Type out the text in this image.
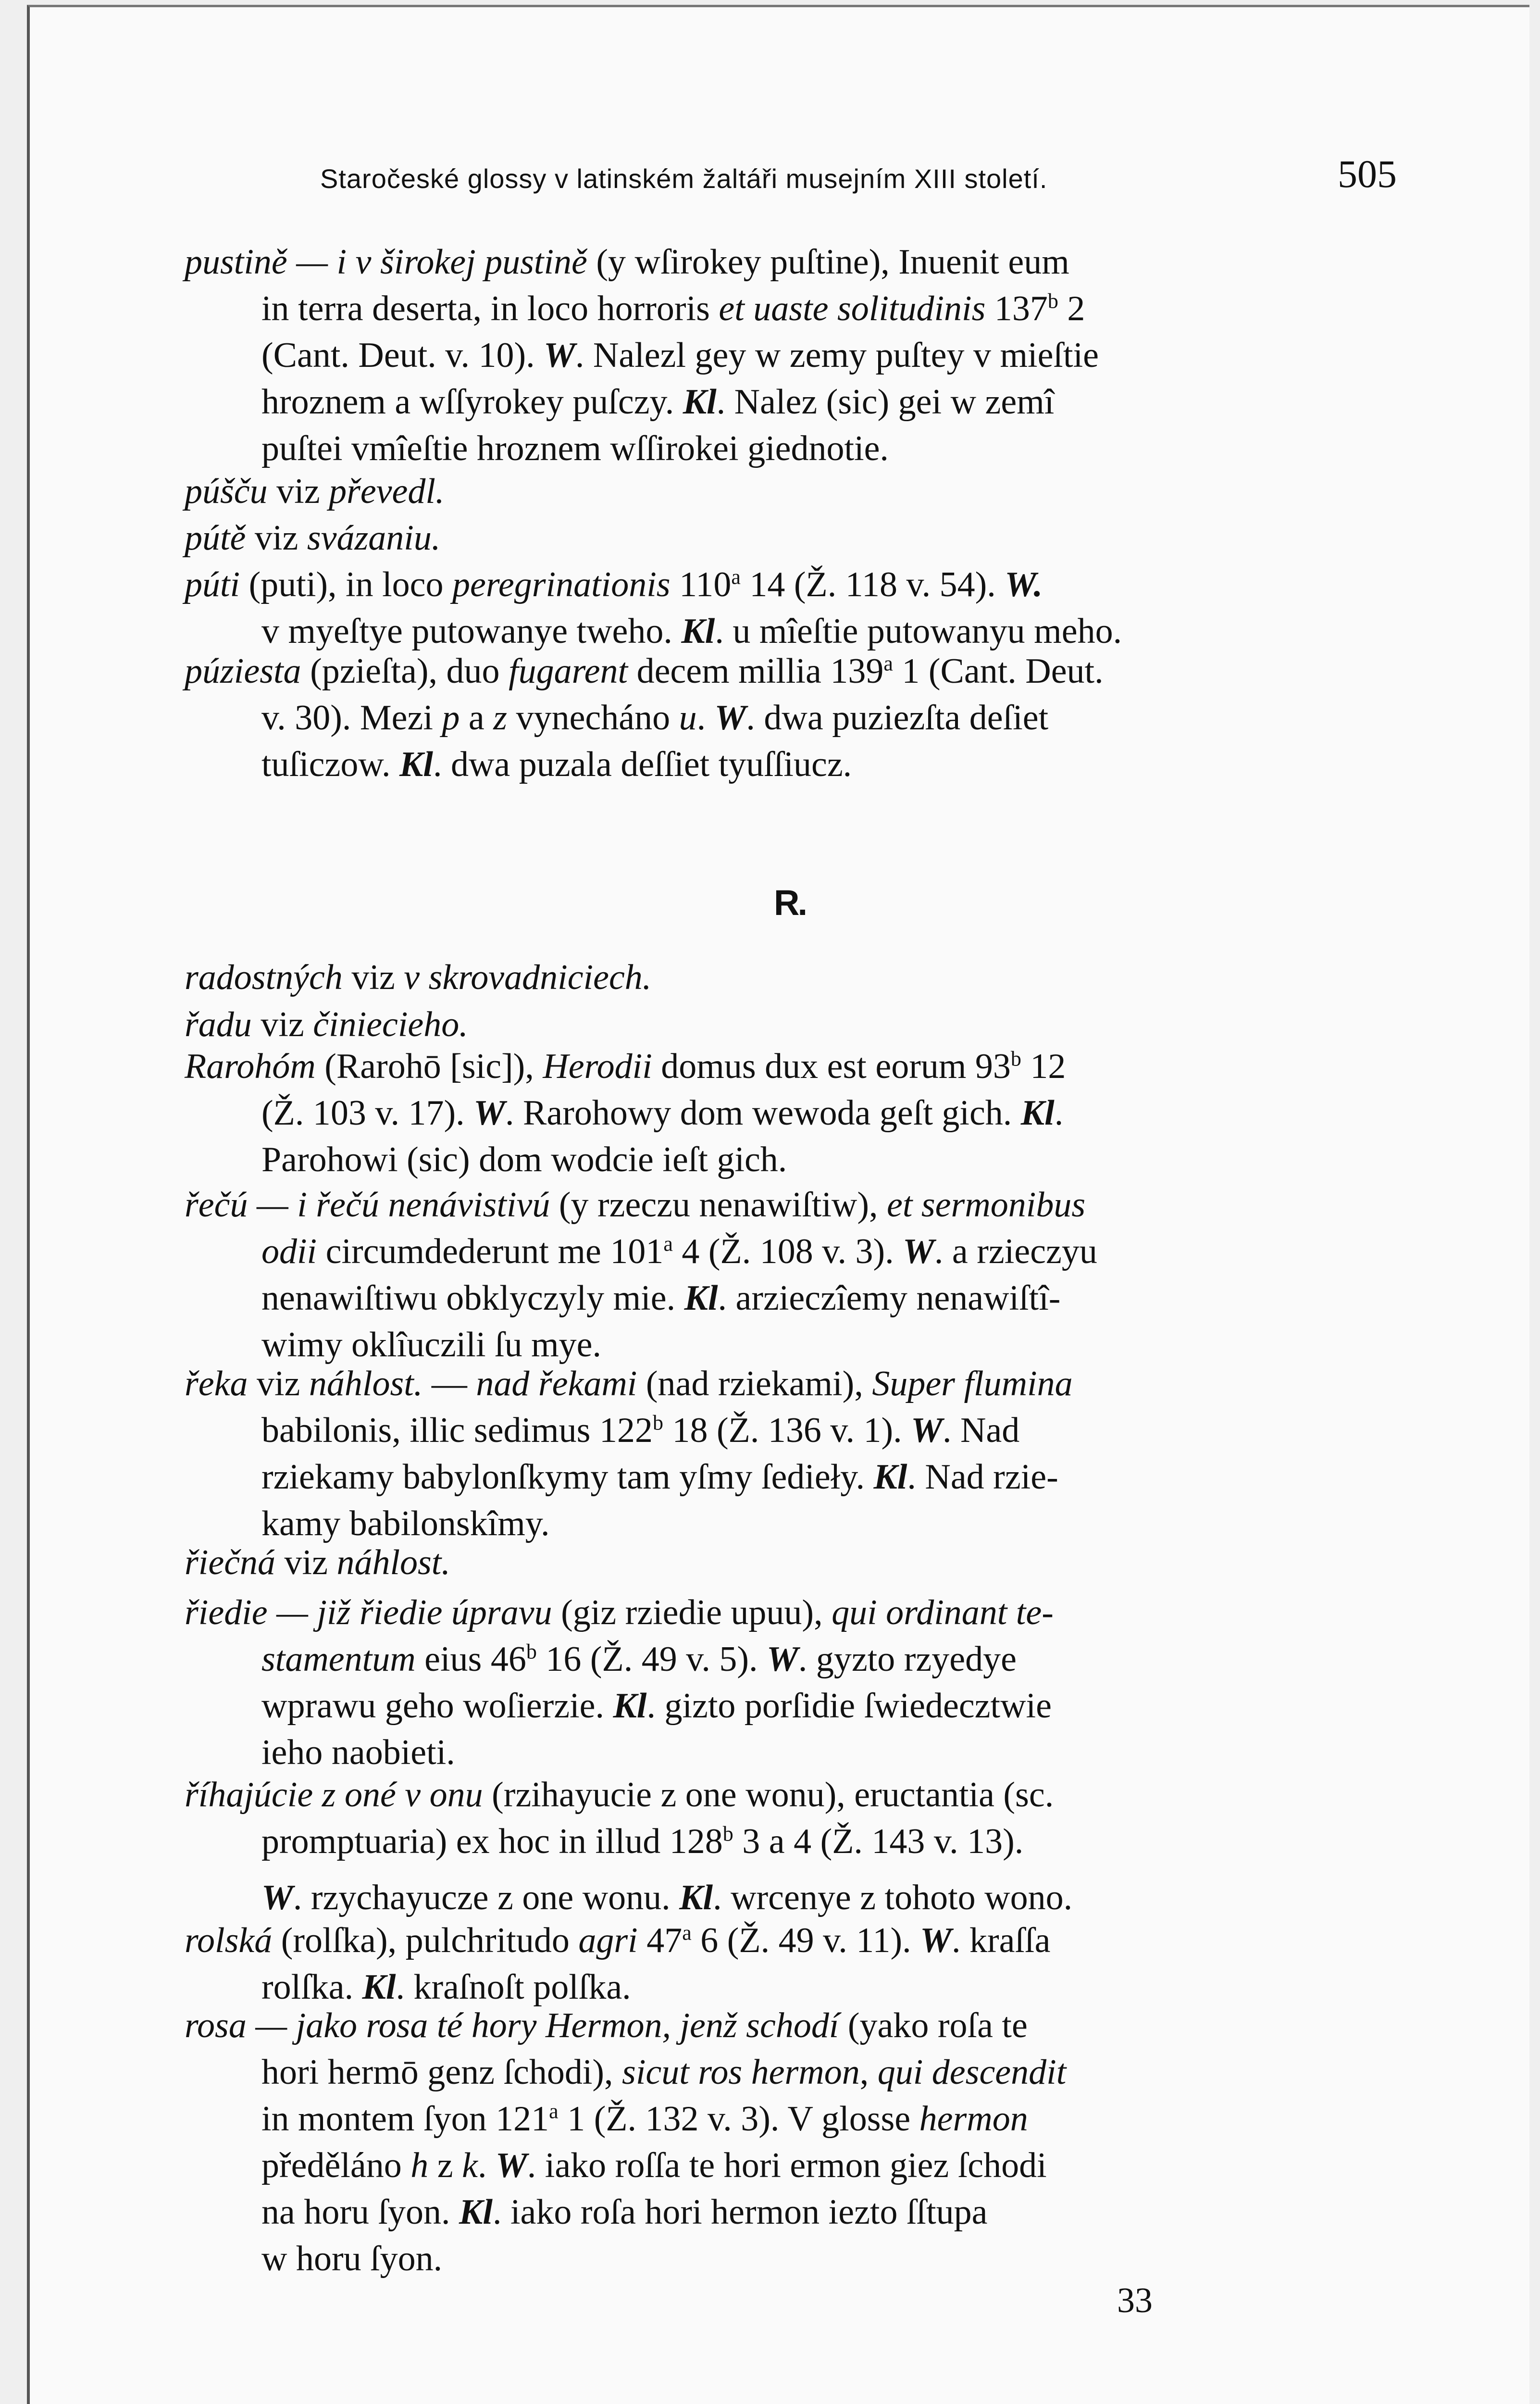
Staročeské glossy v latinském žaltáři musejním XIII století.	505
R.
33
pustině — i v širokej pustině (y wſirokey puſtine), Inuenit eum
in terra deserta, in loco horroris et uaste solitudinis 137$^b$ 2
(Cant. Deut. v. 10). W. Nalezl gey w zemy puſtey v mieſtie
hroznem a wſſyrokey puſczy. Kl. Nalez (sic) gei w zemî
puſtei vmîeſtie hroznem wſſirokei giednotie.
púšču viz převedl.
pútě viz svázaniu.
púti (puti), in loco peregrinationis 110$^a$ 14 (Ž. 118 v. 54). W.
v myeſtye putowanye tweho. Kl. u mîeſtie putowanyu meho.
púziesta (pzieſta), duo fugarent decem millia 139$^a$ 1 (Cant. Deut.
v. 30). Mezi p a z vynecháno u. W. dwa puziezſta deſiet
tuſiczow. Kl. dwa puzala deſſiet tyuſſiucz.
radostných viz v skrovadniciech.
řadu viz činiecieho.
Rarohóm (Rarohō [sic]), Herodii domus dux est eorum 93$^b$ 12
(Ž. 103 v. 17). W. Rarohowy dom wewoda geſt gich. Kl.
Parohowi (sic) dom wodcie ieſt gich.
řečú — i řečú nenávistivú (y rzeczu nenawiſtiw), et sermonibus
odii circumdederunt me 101$^a$ 4 (Ž. 108 v. 3). W. a rzieczyu
nenawiſtiwu obklyczyly mie. Kl. arzieczîemy nenawiſtî-
wimy oklîuczili ſu mye.
řeka viz náhlost. — nad řekami (nad rziekami), Super flumina
babilonis, illic sedimus 122$^b$ 18 (Ž. 136 v. 1). W. Nad
rziekamy babylonſkymy tam yſmy ſedieły. Kl. Nad rzie-
kamy babilonskîmy.
řiečná viz náhlost.
řiedie — již řiedie úpravu (giz rziedie upuu), qui ordinant te-
stamentum eius 46$^b$ 16 (Ž. 49 v. 5). W. gyzto rzyedye
wprawu geho woſierzie. Kl. gizto porſidie ſwiedecztwie
ieho naobieti.
říhajúcie z oné v onu (rzihayucie z one wonu), eructantia (sc.
promptuaria) ex hoc in illud 128$^b$ 3 a 4 (Ž. 143 v. 13).
W. rzychayucze z one wonu. Kl. wrcenye z tohoto wono.
rolská (rolſka), pulchritudo agri 47$^a$ 6 (Ž. 49 v. 11). W. kraſſa
rolſka. Kl. kraſnoſt polſka.
rosa — jako rosa té hory Hermon, jenž schodí (yako roſa te
hori hermō genz ſchodi), sicut ros hermon, qui descendit
in montem ſyon 121$^a$ 1 (Ž. 132 v. 3). V glosse hermon
předěláno h z k. W. iako roſſa te hori ermon giez ſchodi
na horu ſyon. Kl. iako roſa hori hermon iezto ſſtupa
w horu ſyon.
